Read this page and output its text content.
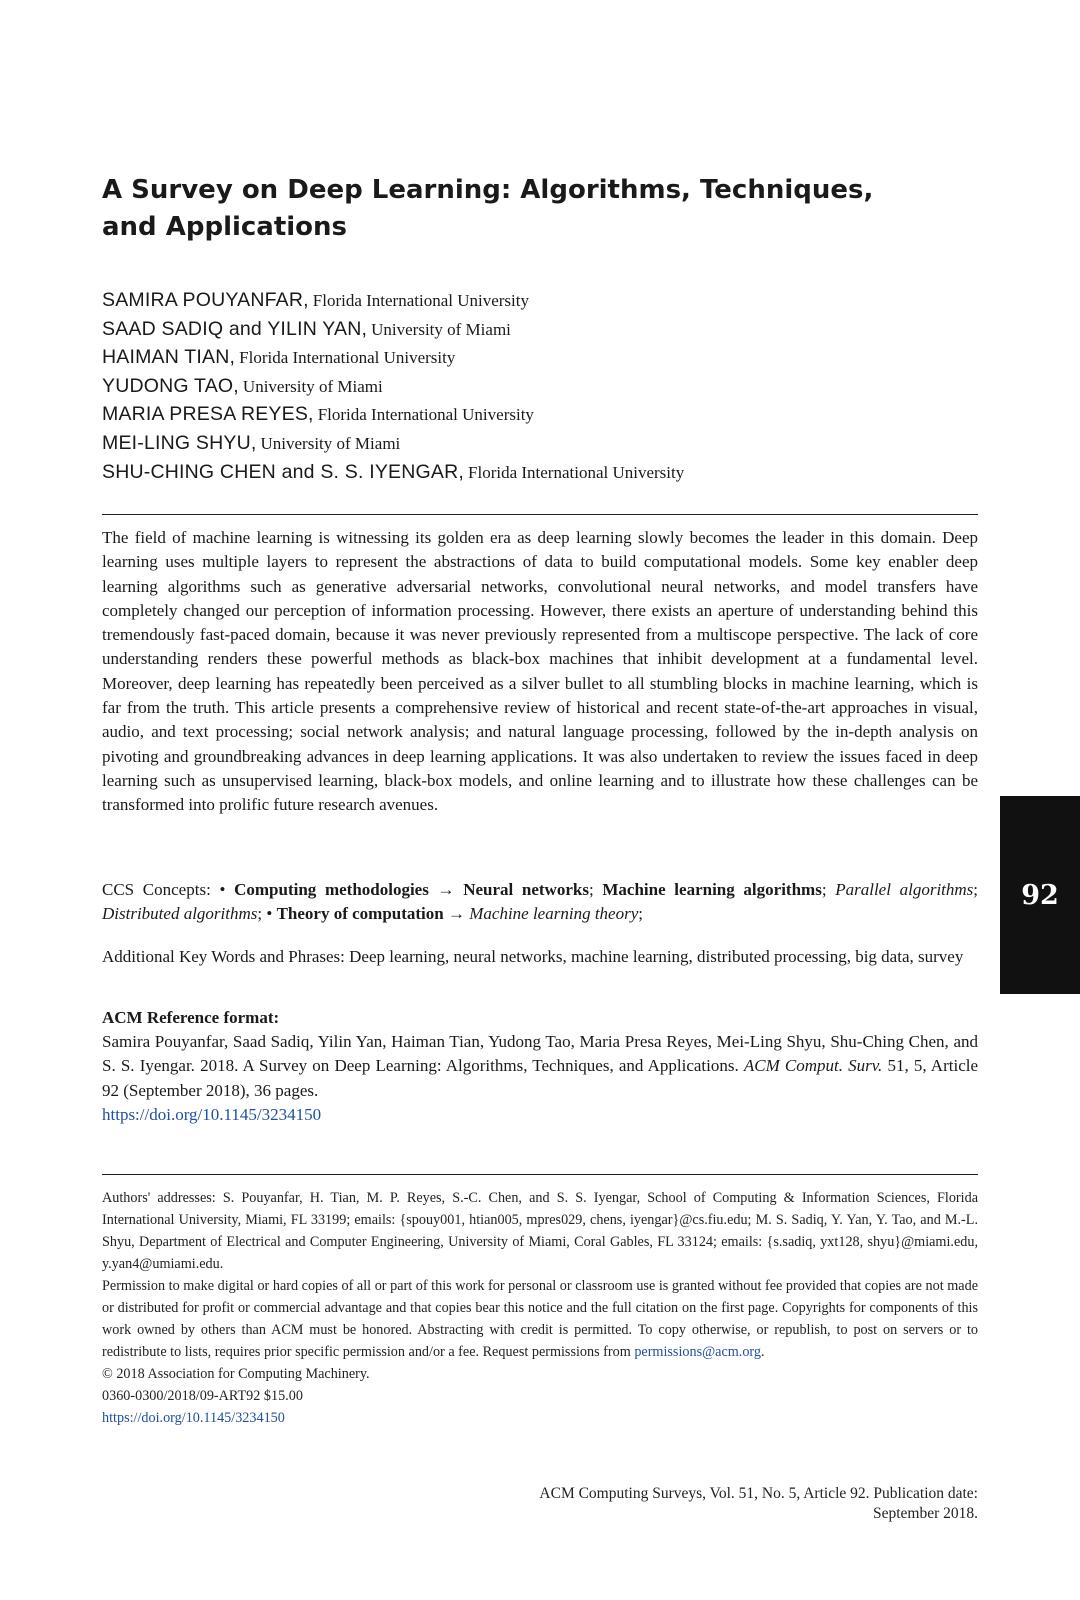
A Survey on Deep Learning: Algorithms, Techniques, and Applications
SAMIRA POUYANFAR, Florida International University
SAAD SADIQ and YILIN YAN, University of Miami
HAIMAN TIAN, Florida International University
YUDONG TAO, University of Miami
MARIA PRESA REYES, Florida International University
MEI-LING SHYU, University of Miami
SHU-CHING CHEN and S. S. IYENGAR, Florida International University

The field of machine learning is witnessing its golden era as deep learning slowly becomes the leader in this domain. Deep learning uses multiple layers to represent the abstractions of data to build computational models. Some key enabler deep learning algorithms such as generative adversarial networks, convolutional neural networks, and model transfers have completely changed our perception of information processing. However, there exists an aperture of understanding behind this tremendously fast-paced domain, because it was never previously represented from a multiscope perspective. The lack of core understanding renders these powerful methods as black-box machines that inhibit development at a fundamental level. Moreover, deep learning has repeatedly been perceived as a silver bullet to all stumbling blocks in machine learning, which is far from the truth. This article presents a comprehensive review of historical and recent state-of-the-art approaches in visual, audio, and text processing; social network analysis; and natural language processing, followed by the in-depth analysis on pivoting and groundbreaking advances in deep learning applications. It was also undertaken to review the issues faced in deep learning such as unsupervised learning, black-box models, and online learning and to illustrate how these challenges can be transformed into prolific future research avenues.

CCS Concepts: • Computing methodologies → Neural networks; Machine learning algorithms; Parallel algorithms; Distributed algorithms; • Theory of computation → Machine learning theory;

Additional Key Words and Phrases: Deep learning, neural networks, machine learning, distributed processing, big data, survey

ACM Reference format:

Samira Pouyanfar, Saad Sadiq, Yilin Yan, Haiman Tian, Yudong Tao, Maria Presa Reyes, Mei-Ling Shyu, Shu-Ching Chen, and S. S. Iyengar. 2018. A Survey on Deep Learning: Algorithms, Techniques, and Applications. ACM Comput. Surv. 51, 5, Article 92 (September 2018), 36 pages.
https://doi.org/10.1145/3234150

Authors' addresses: S. Pouyanfar, H. Tian, M. P. Reyes, S.-C. Chen, and S. S. Iyengar, School of Computing & Information Sciences, Florida International University, Miami, FL 33199; emails: {spouy001, htian005, mpres029, chens, iyengar}@cs.fiu.edu; M. S. Sadiq, Y. Yan, Y. Tao, and M.-L. Shyu, Department of Electrical and Computer Engineering, University of Miami, Coral Gables, FL 33124; emails: {s.sadiq, yxt128, shyu}@miami.edu, y.yan4@umiami.edu.

Permission to make digital or hard copies of all or part of this work for personal or classroom use is granted without fee provided that copies are not made or distributed for profit or commercial advantage and that copies bear this notice and the full citation on the first page. Copyrights for components of this work owned by others than ACM must be honored. Abstracting with credit is permitted. To copy otherwise, or republish, to post on servers or to redistribute to lists, requires prior specific permission and/or a fee. Request permissions from permissions@acm.org.

© 2018 Association for Computing Machinery.

0360-0300/2018/09-ART92 $15.00

https://doi.org/10.1145/3234150

ACM Computing Surveys, Vol. 51, No. 5, Article 92. Publication date: September 2018.
92
